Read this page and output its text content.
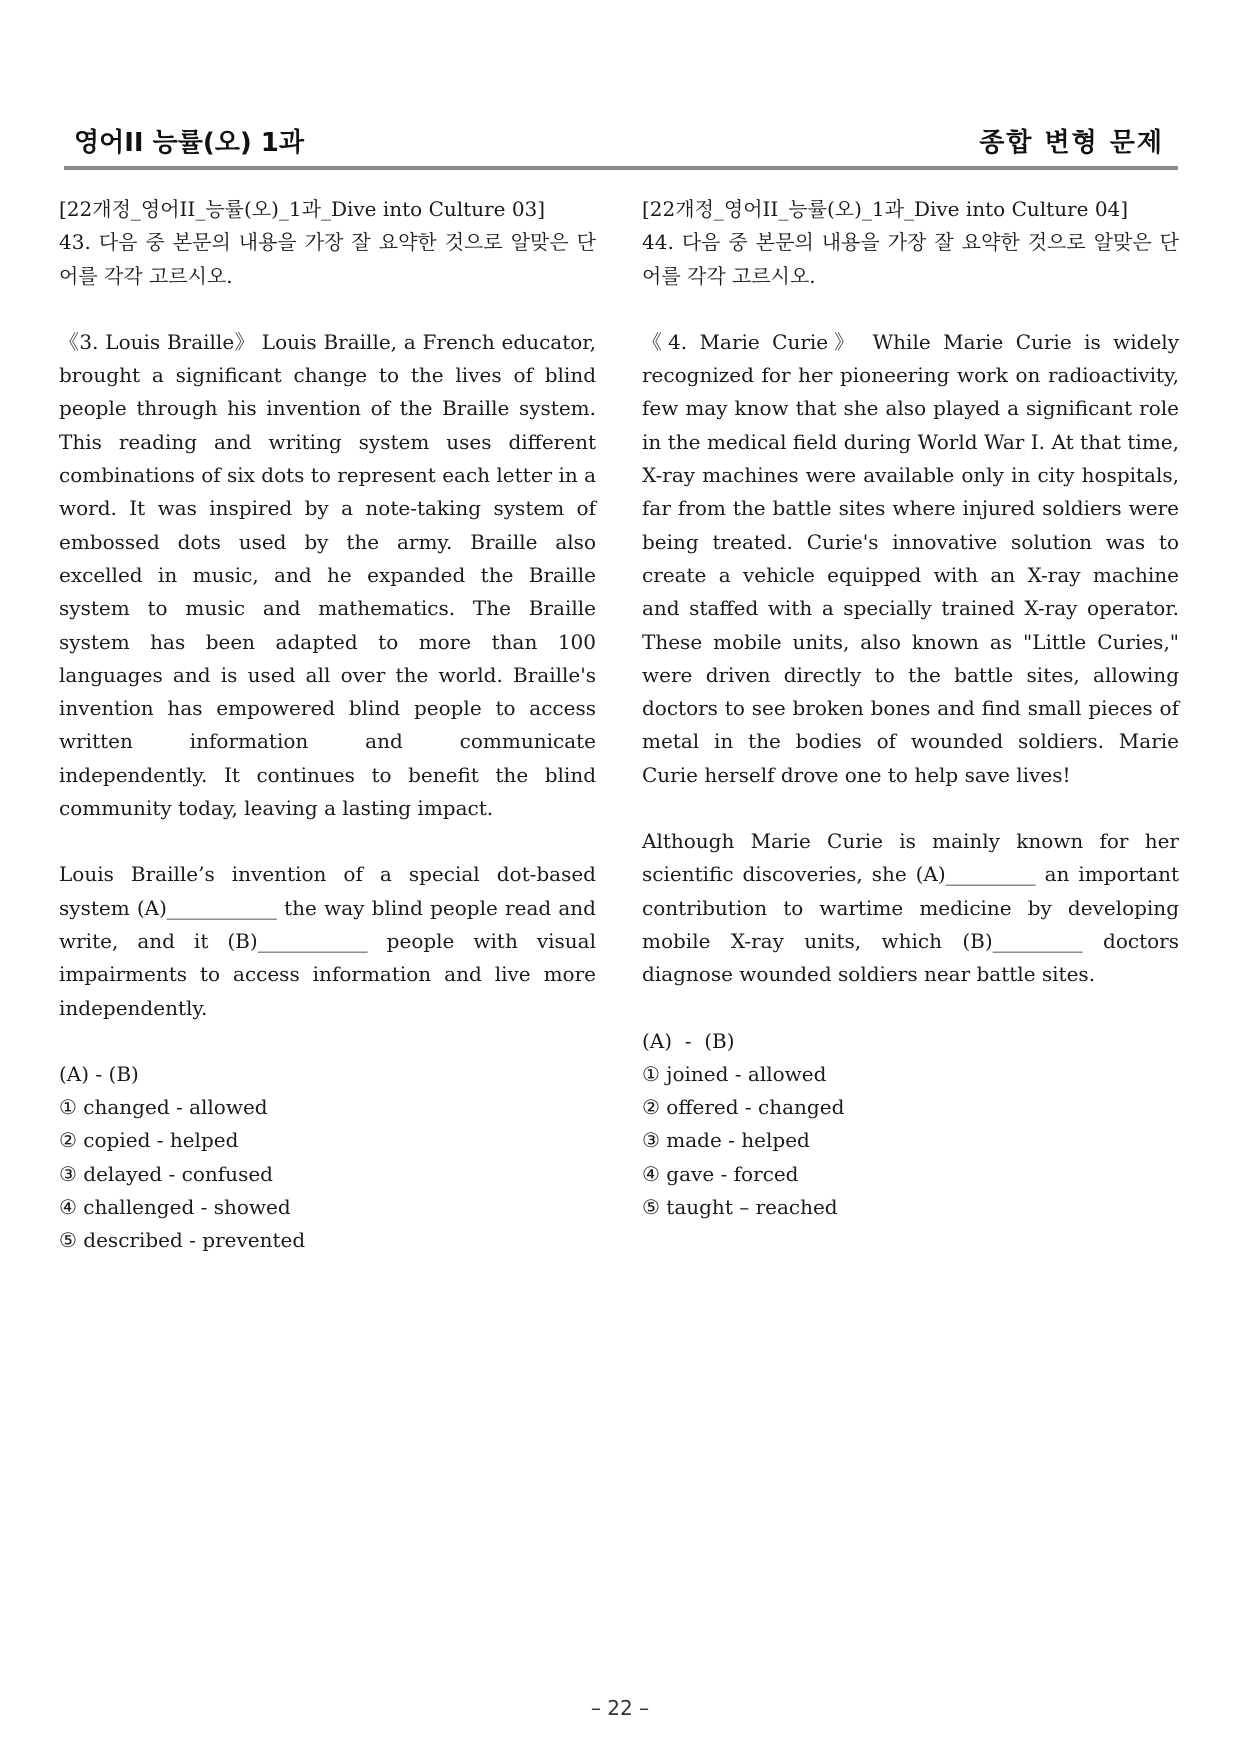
영어II 능률(오) 1과	종합 변형 문제
[22개정_영어II_능률(오)_1과_Dive into Culture 03]
43. 다음 중 본문의 내용을 가장 잘 요약한 것으로 알맞은 단어를 각각 고르시오.
《3. Louis Braille》 Louis Braille, a French educator, brought a significant change to the lives of blind people through his invention of the Braille system. This reading and writing system uses different combinations of six dots to represent each letter in a word. It was inspired by a note-taking system of embossed dots used by the army. Braille also excelled in music, and he expanded the Braille system to music and mathematics. The Braille system has been adapted to more than 100 languages and is used all over the world. Braille's invention has empowered blind people to access written information and communicate independently. It continues to benefit the blind community today, leaving a lasting impact.
Louis Braille’s invention of a special dot-based system (A)___________ the way blind people read and write, and it (B)___________ people with visual impairments to access information and live more independently.
(A) - (B)
① changed - allowed
② copied - helped
③ delayed - confused
④ challenged - showed
⑤ described - prevented
[22개정_영어II_능률(오)_1과_Dive into Culture 04]
44. 다음 중 본문의 내용을 가장 잘 요약한 것으로 알맞은 단어를 각각 고르시오.
《4. Marie Curie》 While Marie Curie is widely recognized for her pioneering work on radioactivity, few may know that she also played a significant role in the medical field during World War I. At that time, X-ray machines were available only in city hospitals, far from the battle sites where injured soldiers were being treated. Curie's innovative solution was to create a vehicle equipped with an X-ray machine and staffed with a specially trained X-ray operator. These mobile units, also known as "Little Curies," were driven directly to the battle sites, allowing doctors to see broken bones and find small pieces of metal in the bodies of wounded soldiers. Marie Curie herself drove one to help save lives!
Although Marie Curie is mainly known for her scientific discoveries, she (A)_________ an important contribution to wartime medicine by developing mobile X-ray units, which (B)_________ doctors diagnose wounded soldiers near battle sites.
(A)  -  (B)
① joined - allowed
② offered - changed
③ made - helped
④ gave - forced
⑤ taught – reached
– 22 –
